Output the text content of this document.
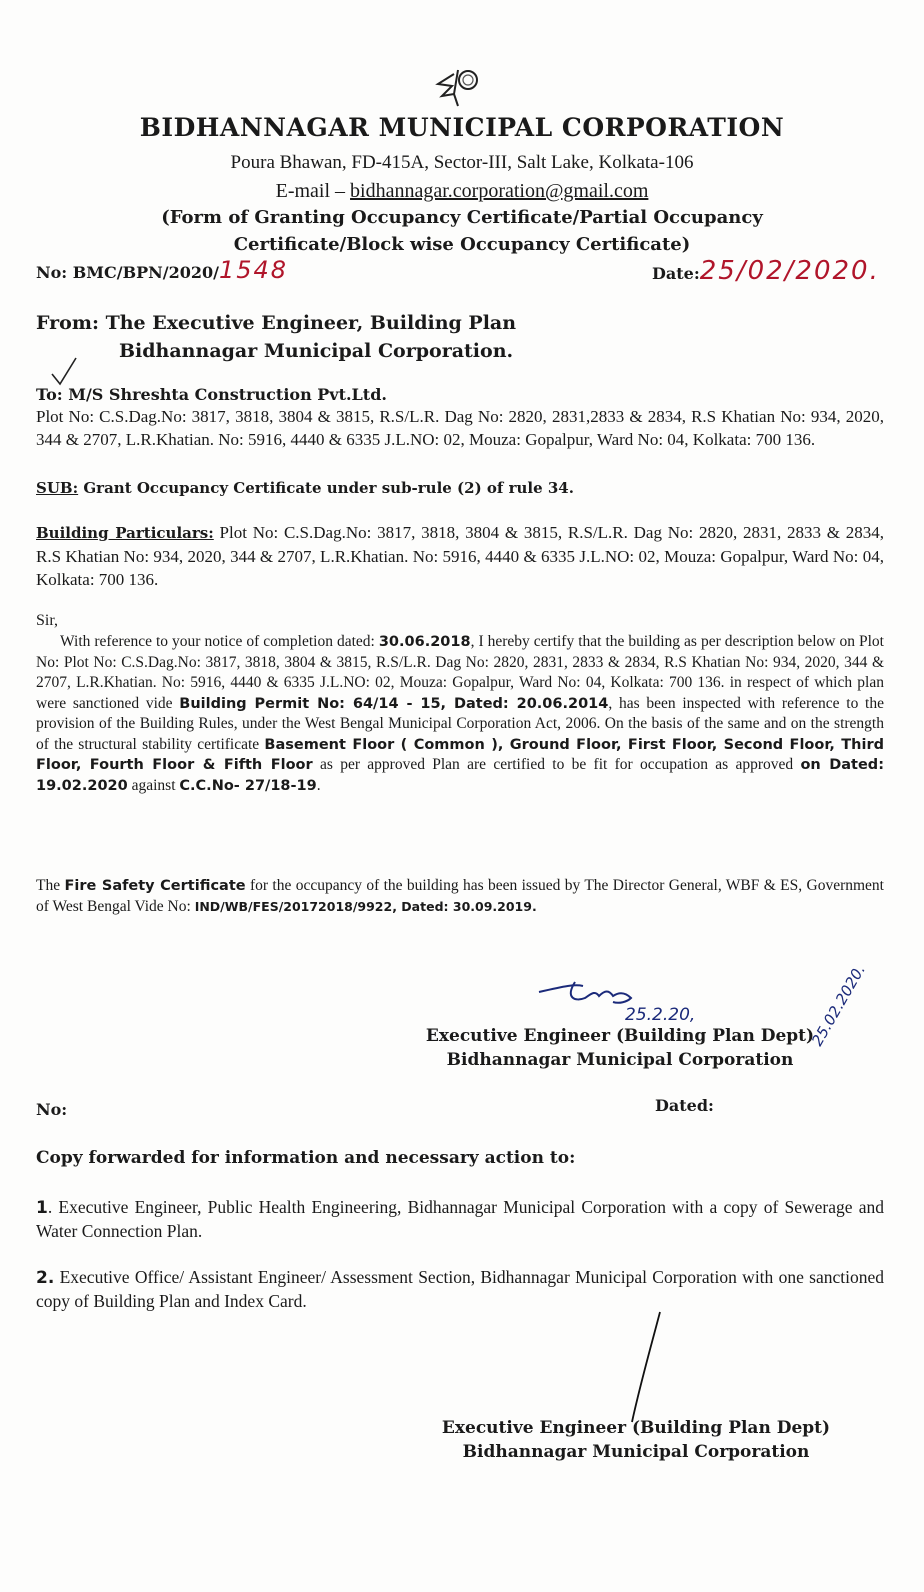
BIDHANNAGAR MUNICIPAL CORPORATION
Poura Bhawan, FD-415A, Sector-III, Salt Lake, Kolkata-106
E-mail – bidhannagar.corporation@gmail.com
(Form of Granting Occupancy Certificate/Partial Occupancy
Certificate/Block wise Occupancy Certificate)
No: BMC/BPN/2020/1548	Date:25/02/2020.
From: The Executive Engineer, Building Plan
Bidhannagar Municipal Corporation.
To: M/S Shreshta Construction Pvt.Ltd.
Plot No: C.S.Dag.No: 3817, 3818, 3804 & 3815, R.S/L.R. Dag No: 2820, 2831,2833 & 2834, R.S Khatian No: 934, 2020, 344 & 2707, L.R.Khatian. No: 5916, 4440 & 6335 J.L.NO: 02, Mouza: Gopalpur, Ward No: 04, Kolkata: 700 136.
SUB: Grant Occupancy Certificate under sub-rule (2) of rule 34.
Building Particulars: Plot No: C.S.Dag.No: 3817, 3818, 3804 & 3815, R.S/L.R. Dag No: 2820, 2831, 2833 & 2834, R.S Khatian No: 934, 2020, 344 & 2707, L.R.Khatian. No: 5916, 4440 & 6335 J.L.NO: 02, Mouza: Gopalpur, Ward No: 04, Kolkata: 700 136.
Sir,
With reference to your notice of completion dated: 30.06.2018, I hereby certify that the building as per description below on Plot No: Plot No: C.S.Dag.No: 3817, 3818, 3804 & 3815, R.S/L.R. Dag No: 2820, 2831, 2833 & 2834, R.S Khatian No: 934, 2020, 344 & 2707, L.R.Khatian. No: 5916, 4440 & 6335 J.L.NO: 02, Mouza: Gopalpur, Ward No: 04, Kolkata: 700 136. in respect of which plan were sanctioned vide Building Permit No: 64/14 - 15, Dated: 20.06.2014, has been inspected with reference to the provision of the Building Rules, under the West Bengal Municipal Corporation Act, 2006. On the basis of the same and on the strength of the structural stability certificate Basement Floor ( Common ), Ground Floor, First Floor, Second Floor, Third Floor, Fourth Floor & Fifth Floor as per approved Plan are certified to be fit for occupation as approved on Dated: 19.02.2020 against C.C.No- 27/18-19.
The Fire Safety Certificate for the occupancy of the building has been issued by The Director General, WBF & ES, Government of West Bengal Vide No: IND/WB/FES/20172018/9922, Dated: 30.09.2019.
25.2.20,
Executive Engineer (Building Plan Dept)
Bidhannagar Municipal Corporation
25.02.2020.
No:	Dated:
Copy forwarded for information and necessary action to:
1. Executive Engineer, Public Health Engineering, Bidhannagar Municipal Corporation with a copy of Sewerage and Water Connection Plan.
2. Executive Office/ Assistant Engineer/ Assessment Section, Bidhannagar Municipal Corporation with one sanctioned copy of Building Plan and Index Card.
Executive Engineer (Building Plan Dept)
Bidhannagar Municipal Corporation
